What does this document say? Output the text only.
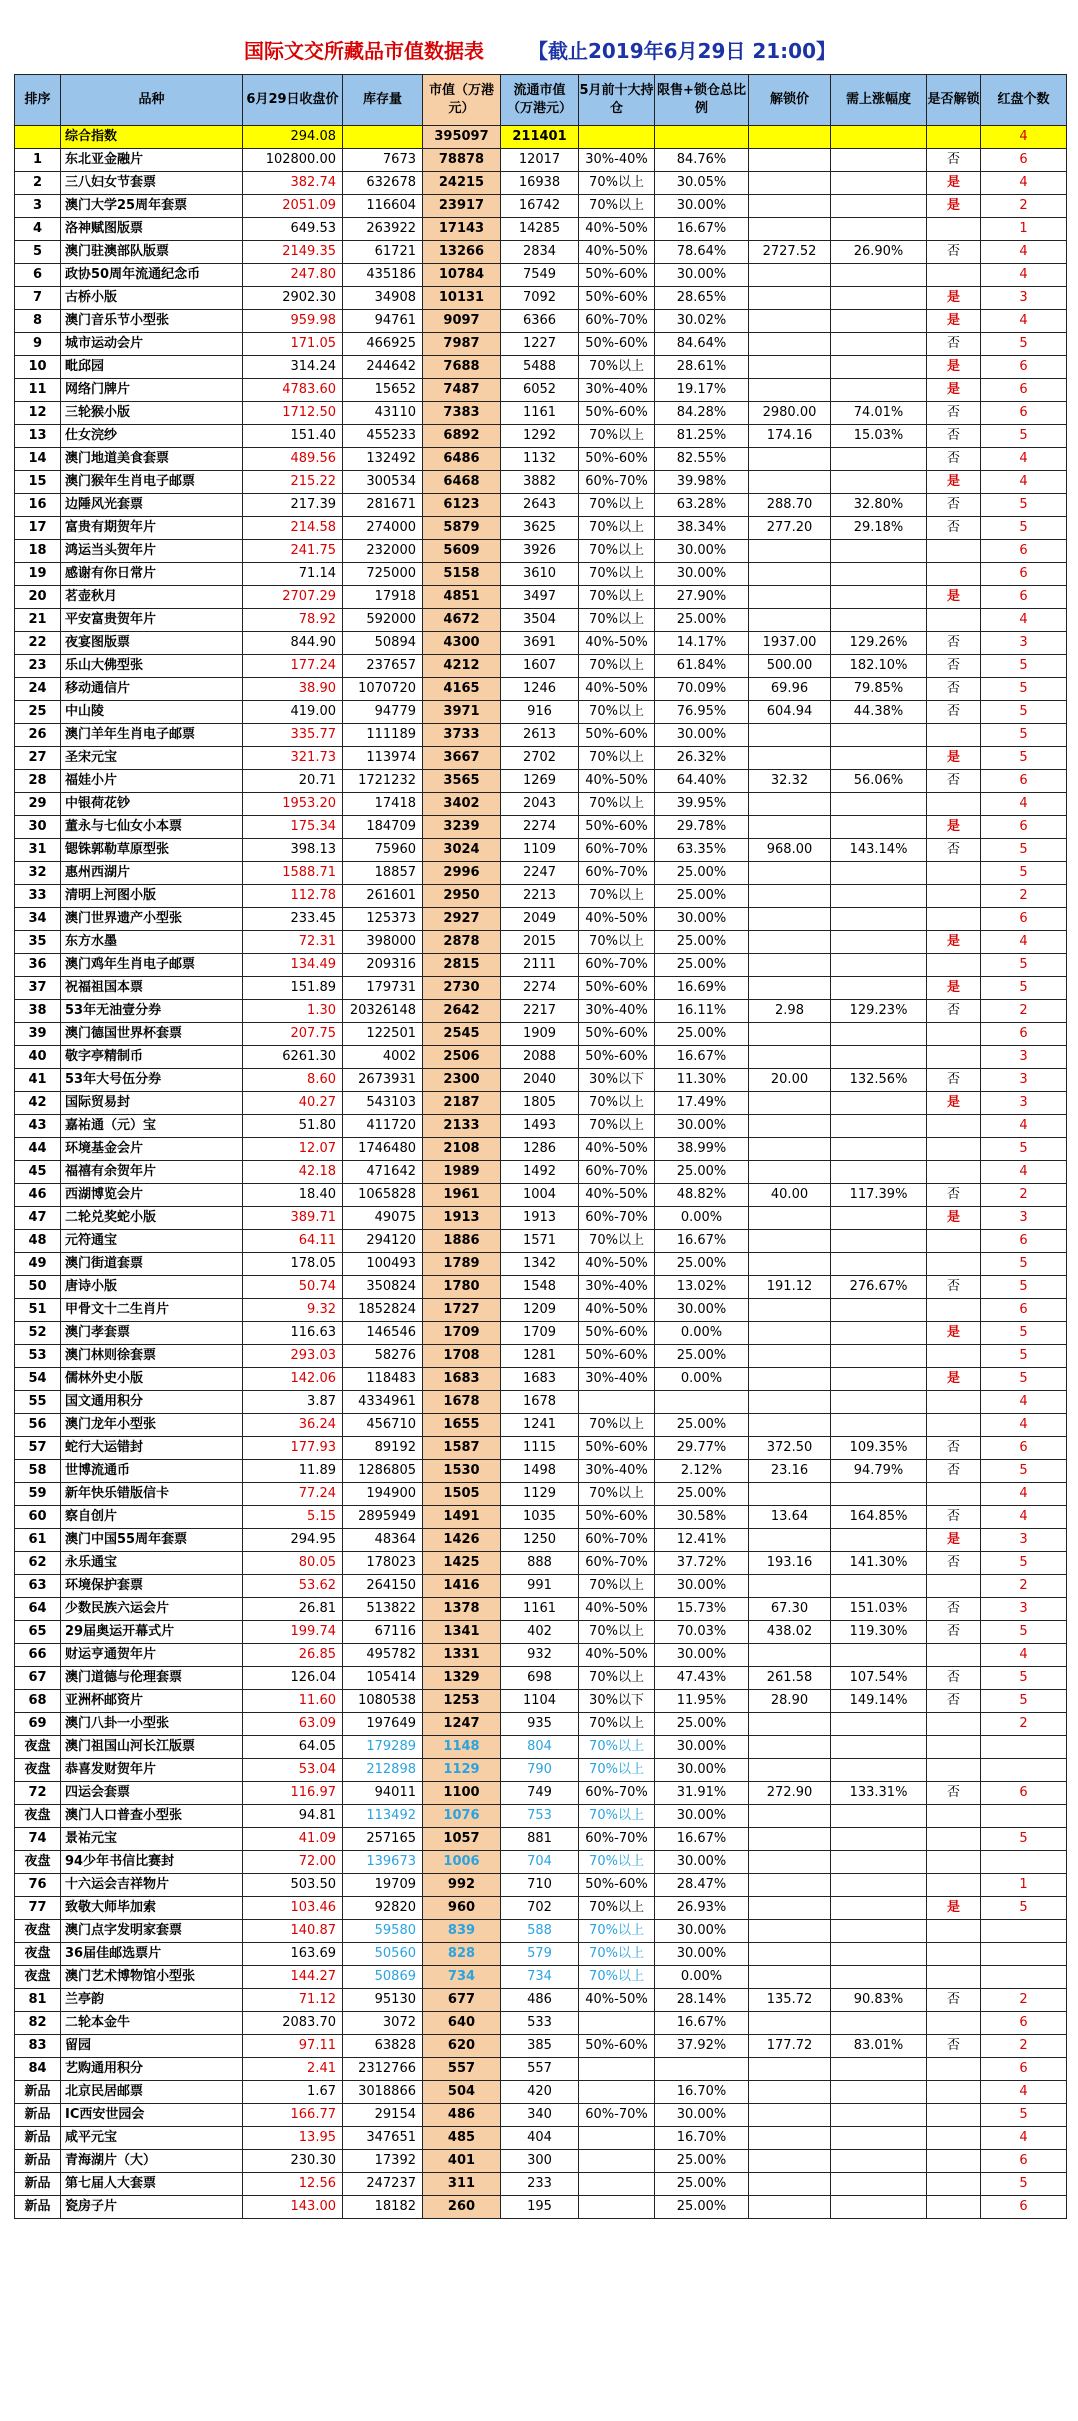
国际文交所藏品市值数据表 【截止2019年6月29日 21:00】
排序	品种	6月29日收盘价	库存量	市值（万港元）	流通市值（万港元）	5月前十大持仓	限售+锁仓总比例	解锁价	需上涨幅度	是否解锁	红盘个数
	综合指数	294.08		395097	211401						4
1	东北亚金融片	102800.00	7673	78878	12017	30%-40%	84.76%			否	6
2	三八妇女节套票	382.74	632678	24215	16938	70%以上	30.05%			是	4
3	澳门大学25周年套票	2051.09	116604	23917	16742	70%以上	30.00%			是	2
4	洛神赋图版票	649.53	263922	17143	14285	40%-50%	16.67%				1
5	澳门驻澳部队版票	2149.35	61721	13266	2834	40%-50%	78.64%	2727.52	26.90%	否	4
6	政协50周年流通纪念币	247.80	435186	10784	7549	50%-60%	30.00%				4
7	古桥小版	2902.30	34908	10131	7092	50%-60%	28.65%			是	3
8	澳门音乐节小型张	959.98	94761	9097	6366	60%-70%	30.02%			是	4
9	城市运动会片	171.05	466925	7987	1227	50%-60%	84.64%			否	5
10	毗邱园	314.24	244642	7688	5488	70%以上	28.61%			是	6
11	网络门牌片	4783.60	15652	7487	6052	30%-40%	19.17%			是	6
12	三轮猴小版	1712.50	43110	7383	1161	50%-60%	84.28%	2980.00	74.01%	否	6
13	仕女浣纱	151.40	455233	6892	1292	70%以上	81.25%	174.16	15.03%	否	5
14	澳门地道美食套票	489.56	132492	6486	1132	50%-60%	82.55%			否	4
15	澳门猴年生肖电子邮票	215.22	300534	6468	3882	60%-70%	39.98%			是	4
16	边陲风光套票	217.39	281671	6123	2643	70%以上	63.28%	288.70	32.80%	否	5
17	富贵有期贺年片	214.58	274000	5879	3625	70%以上	38.34%	277.20	29.18%	否	5
18	鸿运当头贺年片	241.75	232000	5609	3926	70%以上	30.00%				6
19	感谢有你日常片	71.14	725000	5158	3610	70%以上	30.00%				6
20	茗壶秋月	2707.29	17918	4851	3497	70%以上	27.90%			是	6
21	平安富贵贺年片	78.92	592000	4672	3504	70%以上	25.00%				4
22	夜宴图版票	844.90	50894	4300	3691	40%-50%	14.17%	1937.00	129.26%	否	3
23	乐山大佛型张	177.24	237657	4212	1607	70%以上	61.84%	500.00	182.10%	否	5
24	移动通信片	38.90	1070720	4165	1246	40%-50%	70.09%	69.96	79.85%	否	5
25	中山陵	419.00	94779	3971	916	70%以上	76.95%	604.94	44.38%	否	5
26	澳门羊年生肖电子邮票	335.77	111189	3733	2613	50%-60%	30.00%				5
27	圣宋元宝	321.73	113974	3667	2702	70%以上	26.32%			是	5
28	福娃小片	20.71	1721232	3565	1269	40%-50%	64.40%	32.32	56.06%	否	6
29	中银荷花钞	1953.20	17418	3402	2043	70%以上	39.95%				4
30	董永与七仙女小本票	175.34	184709	3239	2274	50%-60%	29.78%			是	6
31	锶铢郭勒草原型张	398.13	75960	3024	1109	60%-70%	63.35%	968.00	143.14%	否	5
32	惠州西湖片	1588.71	18857	2996	2247	60%-70%	25.00%				5
33	清明上河图小版	112.78	261601	2950	2213	70%以上	25.00%				2
34	澳门世界遗产小型张	233.45	125373	2927	2049	40%-50%	30.00%				6
35	东方水墨	72.31	398000	2878	2015	70%以上	25.00%			是	4
36	澳门鸡年生肖电子邮票	134.49	209316	2815	2111	60%-70%	25.00%				5
37	祝福祖国本票	151.89	179731	2730	2274	50%-60%	16.69%			是	5
38	53年无油壹分券	1.30	20326148	2642	2217	30%-40%	16.11%	2.98	129.23%	否	2
39	澳门德国世界杯套票	207.75	122501	2545	1909	50%-60%	25.00%				6
40	敬字亭精制币	6261.30	4002	2506	2088	50%-60%	16.67%				3
41	53年大号伍分券	8.60	2673931	2300	2040	30%以下	11.30%	20.00	132.56%	否	3
42	国际贸易封	40.27	543103	2187	1805	70%以上	17.49%			是	3
43	嘉祐通（元）宝	51.80	411720	2133	1493	70%以上	30.00%				4
44	环境基金会片	12.07	1746480	2108	1286	40%-50%	38.99%				5
45	福禧有余贺年片	42.18	471642	1989	1492	60%-70%	25.00%				4
46	西湖博览会片	18.40	1065828	1961	1004	40%-50%	48.82%	40.00	117.39%	否	2
47	二轮兑奖蛇小版	389.71	49075	1913	1913	60%-70%	0.00%			是	3
48	元符通宝	64.11	294120	1886	1571	70%以上	16.67%				6
49	澳门街道套票	178.05	100493	1789	1342	40%-50%	25.00%				5
50	唐诗小版	50.74	350824	1780	1548	30%-40%	13.02%	191.12	276.67%	否	5
51	甲骨文十二生肖片	9.32	1852824	1727	1209	40%-50%	30.00%				6
52	澳门孝套票	116.63	146546	1709	1709	50%-60%	0.00%			是	5
53	澳门林则徐套票	293.03	58276	1708	1281	50%-60%	25.00%				5
54	儒林外史小版	142.06	118483	1683	1683	30%-40%	0.00%			是	5
55	国文通用积分	3.87	4334961	1678	1678						4
56	澳门龙年小型张	36.24	456710	1655	1241	70%以上	25.00%				4
57	蛇行大运错封	177.93	89192	1587	1115	50%-60%	29.77%	372.50	109.35%	否	6
58	世博流通币	11.89	1286805	1530	1498	30%-40%	2.12%	23.16	94.79%	否	5
59	新年快乐错版信卡	77.24	194900	1505	1129	70%以上	25.00%				4
60	察自创片	5.15	2895949	1491	1035	50%-60%	30.58%	13.64	164.85%	否	4
61	澳门中国55周年套票	294.95	48364	1426	1250	60%-70%	12.41%			是	3
62	永乐通宝	80.05	178023	1425	888	60%-70%	37.72%	193.16	141.30%	否	5
63	环境保护套票	53.62	264150	1416	991	70%以上	30.00%				2
64	少数民族六运会片	26.81	513822	1378	1161	40%-50%	15.73%	67.30	151.03%	否	3
65	29届奥运开幕式片	199.74	67116	1341	402	70%以上	70.03%	438.02	119.30%	否	5
66	财运亨通贺年片	26.85	495782	1331	932	40%-50%	30.00%				4
67	澳门道德与伦理套票	126.04	105414	1329	698	70%以上	47.43%	261.58	107.54%	否	5
68	亚洲杯邮资片	11.60	1080538	1253	1104	30%以下	11.95%	28.90	149.14%	否	5
69	澳门八卦一小型张	63.09	197649	1247	935	70%以上	25.00%				2
夜盘	澳门祖国山河长江版票	64.05	179289	1148	804	70%以上	30.00%				
夜盘	恭喜发财贺年片	53.04	212898	1129	790	70%以上	30.00%				
72	四运会套票	116.97	94011	1100	749	60%-70%	31.91%	272.90	133.31%	否	6
夜盘	澳门人口普查小型张	94.81	113492	1076	753	70%以上	30.00%				
74	景祐元宝	41.09	257165	1057	881	60%-70%	16.67%				5
夜盘	94少年书信比赛封	72.00	139673	1006	704	70%以上	30.00%				
76	十六运会吉祥物片	503.50	19709	992	710	50%-60%	28.47%				1
77	致敬大师毕加索	103.46	92820	960	702	70%以上	26.93%			是	5
夜盘	澳门点字发明家套票	140.87	59580	839	588	70%以上	30.00%				
夜盘	36届佳邮选票片	163.69	50560	828	579	70%以上	30.00%				
夜盘	澳门艺术博物馆小型张	144.27	50869	734	734	70%以上	0.00%				
81	兰亭韵	71.12	95130	677	486	40%-50%	28.14%	135.72	90.83%	否	2
82	二轮本金牛	2083.70	3072	640	533		16.67%				6
83	留园	97.11	63828	620	385	50%-60%	37.92%	177.72	83.01%	否	2
84	艺购通用积分	2.41	2312766	557	557						6
新品	北京民居邮票	1.67	3018866	504	420		16.70%				4
新品	IC西安世园会	166.77	29154	486	340	60%-70%	30.00%				5
新品	咸平元宝	13.95	347651	485	404		16.70%				4
新品	青海湖片（大）	230.30	17392	401	300		25.00%				6
新品	第七届人大套票	12.56	247237	311	233		25.00%				5
新品	瓷房子片	143.00	18182	260	195		25.00%				6
